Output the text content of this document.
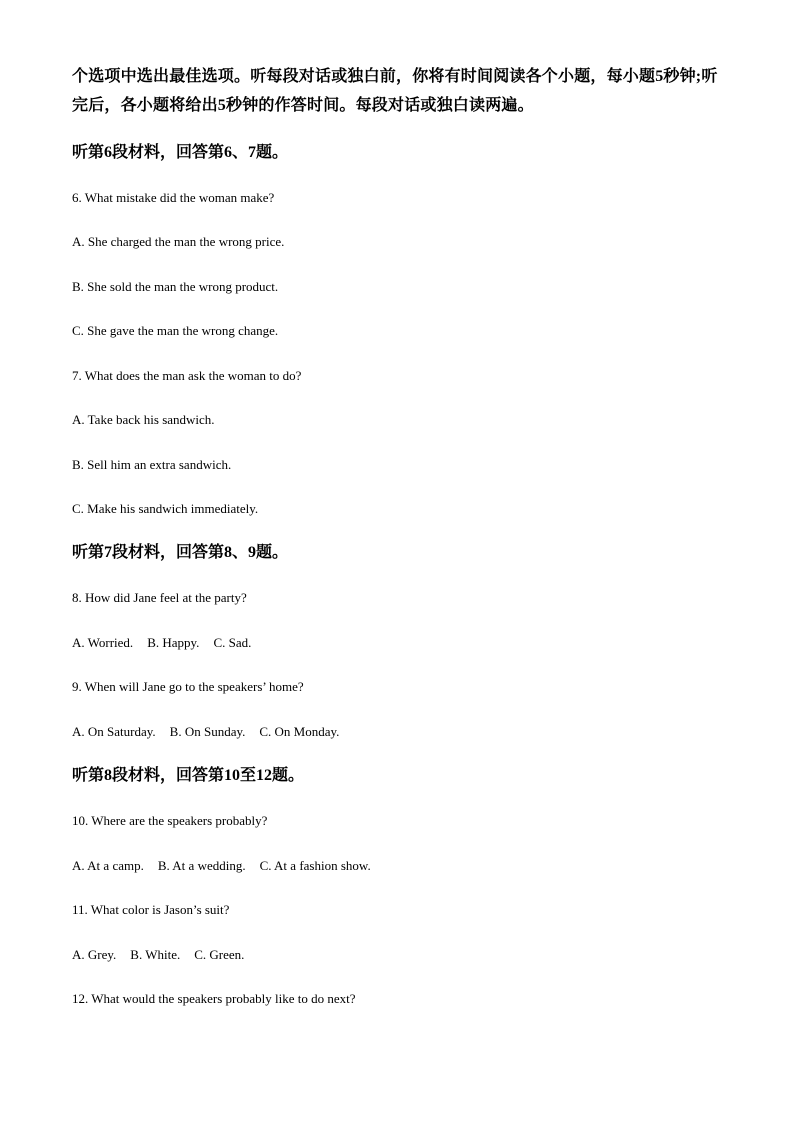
个选项中选出最佳选项。听每段对话或独白前，你将有时间阅读各个小题，每小题5秒钟;听

完后，各小题将给出5秒钟的作答时间。每段对话或独白读两遍。

听第6段材料，回答第6、7题。
6. What mistake did the woman make?
A. She charged the man the wrong price.
B. She sold the man the wrong product.
C. She gave the man the wrong change.
7. What does the man ask the woman to do?
A. Take back his sandwich.
B. Sell him an extra sandwich.
C. Make his sandwich immediately.
听第7段材料，回答第8、9题。
8. How did Jane feel at the party?
A. Worried. B. Happy. C. Sad.
9. When will Jane go to the speakers’ home?
A. On Saturday. B. On Sunday. C. On Monday.
听第8段材料，回答第10至12题。
10. Where are the speakers probably?
A. At a camp. B. At a wedding. C. At a fashion show.
11. What color is Jason’s suit?
A. Grey. B. White. C. Green.
12. What would the speakers probably like to do next?
